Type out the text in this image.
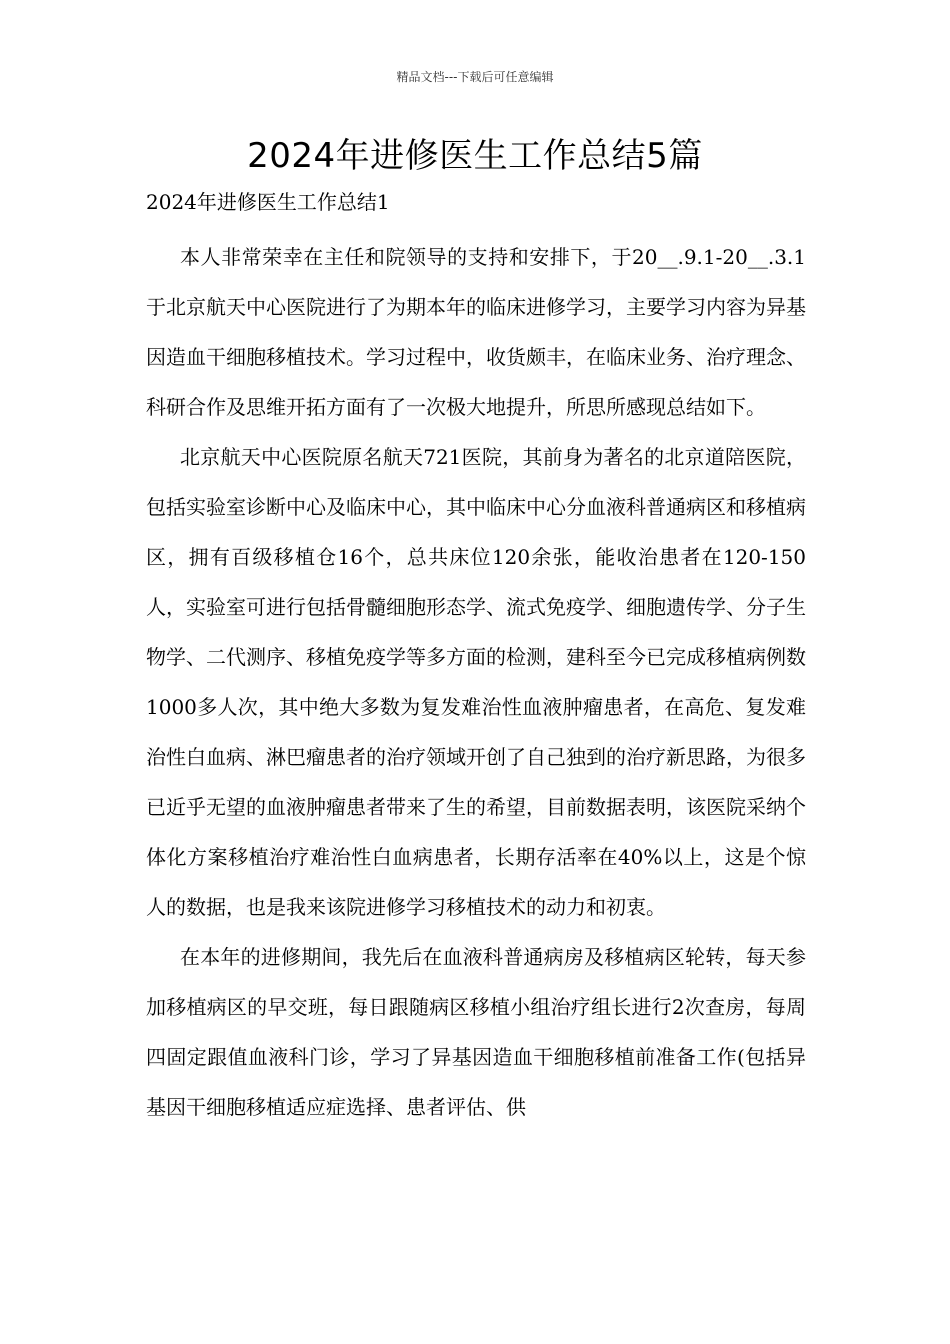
精品文档---下载后可任意编辑
2024年进修医生工作总结5篇
2024年进修医生工作总结1

本人非常荣幸在主任和院领导的支持和安排下，于20__.9.1-20__.3.1于北京航天中心医院进行了为期本年的临床进修学习，主要学习内容为异基因造血干细胞移植技术。学习过程中，收货颇丰，在临床业务、治疗理念、科研合作及思维开拓方面有了一次极大地提升，所思所感现总结如下。

北京航天中心医院原名航天721医院，其前身为著名的北京道陪医院，包括实验室诊断中心及临床中心，其中临床中心分血液科普通病区和移植病区，拥有百级移植仓16个，总共床位120余张，能收治患者在120-150人，实验室可进行包括骨髓细胞形态学、流式免疫学、细胞遗传学、分子生物学、二代测序、移植免疫学等多方面的检测，建科至今已完成移植病例数1000多人次，其中绝大多数为复发难治性血液肿瘤患者，在高危、复发难治性白血病、淋巴瘤患者的治疗领域开创了自己独到的治疗新思路，为很多已近乎无望的血液肿瘤患者带来了生的希望，目前数据表明，该医院采纳个体化方案移植治疗难治性白血病患者，长期存活率在40%以上，这是个惊人的数据，也是我来该院进修学习移植技术的动力和初衷。

在本年的进修期间，我先后在血液科普通病房及移植病区轮转，每天参加移植病区的早交班，每日跟随病区移植小组治疗组长进行2次查房，每周四固定跟值血液科门诊，学习了异基因造血干细胞移植前准备工作(包括异基因干细胞移植适应症选择、患者评估、供
